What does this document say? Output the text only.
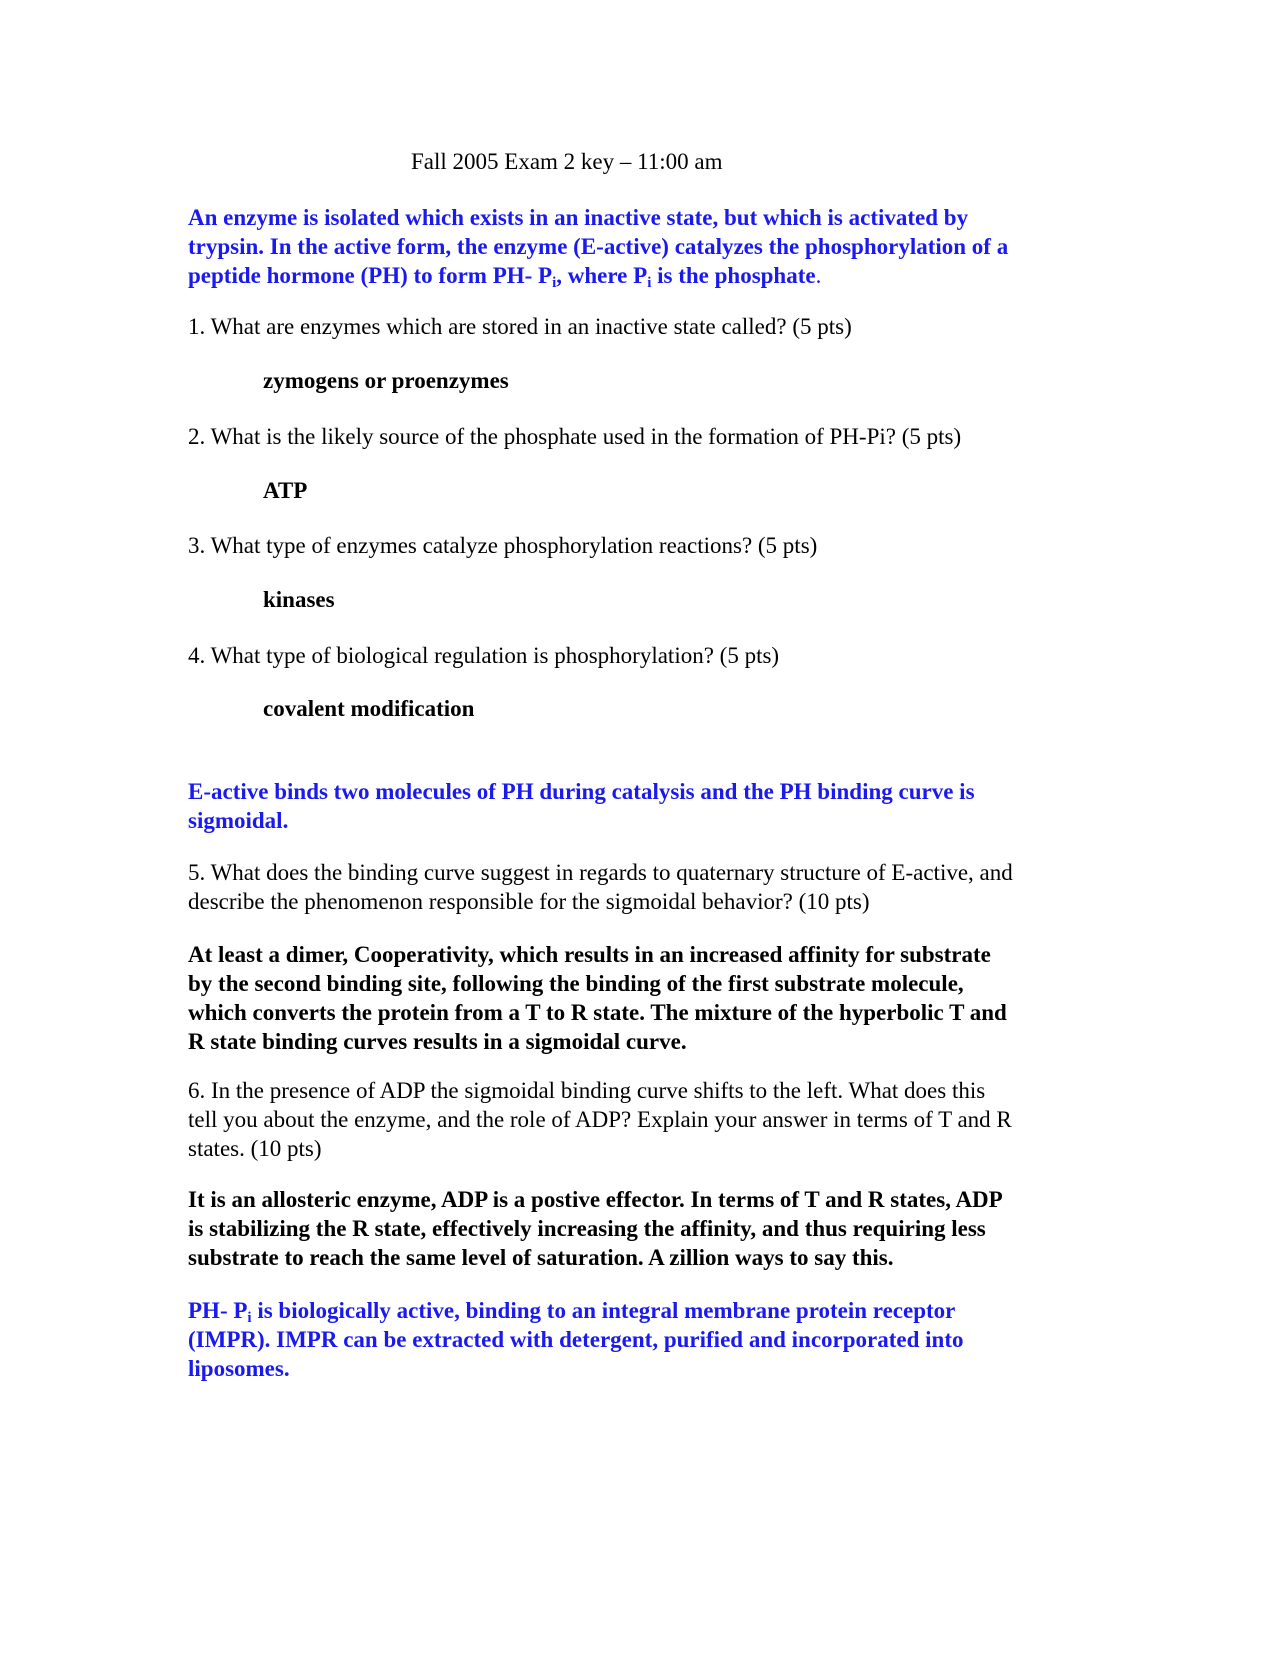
Fall 2005 Exam 2 key – 11:00 am
An enzyme is isolated which exists in an inactive state, but which is activated by
trypsin. In the active form, the enzyme (E-active) catalyzes the phosphorylation of a
peptide hormone (PH) to form PH- $P_i$, where $P_i$ is the phosphate.
1. What are enzymes which are stored in an inactive state called? (5 pts)
zymogens or proenzymes
2. What is the likely source of the phosphate used in the formation of PH-Pi? (5 pts)
ATP
3. What type of enzymes catalyze phosphorylation reactions? (5 pts)
kinases
4. What type of biological regulation is phosphorylation? (5 pts)
covalent modification
E-active binds two molecules of PH during catalysis and the PH binding curve is
sigmoidal.
5. What does the binding curve suggest in regards to quaternary structure of E-active, and
describe the phenomenon responsible for the sigmoidal behavior? (10 pts)
At least a dimer, Cooperativity, which results in an increased affinity for substrate
by the second binding site, following the binding of the first substrate molecule,
which converts the protein from a T to R state. The mixture of the hyperbolic T and
R state binding curves results in a sigmoidal curve.
6. In the presence of ADP the sigmoidal binding curve shifts to the left. What does this
tell you about the enzyme, and the role of ADP? Explain your answer in terms of T and R
states. (10 pts)
It is an allosteric enzyme, ADP is a postive effector. In terms of T and R states, ADP
is stabilizing the R state, effectively increasing the affinity, and thus requiring less
substrate to reach the same level of saturation. A zillion ways to say this.
PH- $P_i$ is biologically active, binding to an integral membrane protein receptor
(IMPR). IMPR can be extracted with detergent, purified and incorporated into
liposomes.
